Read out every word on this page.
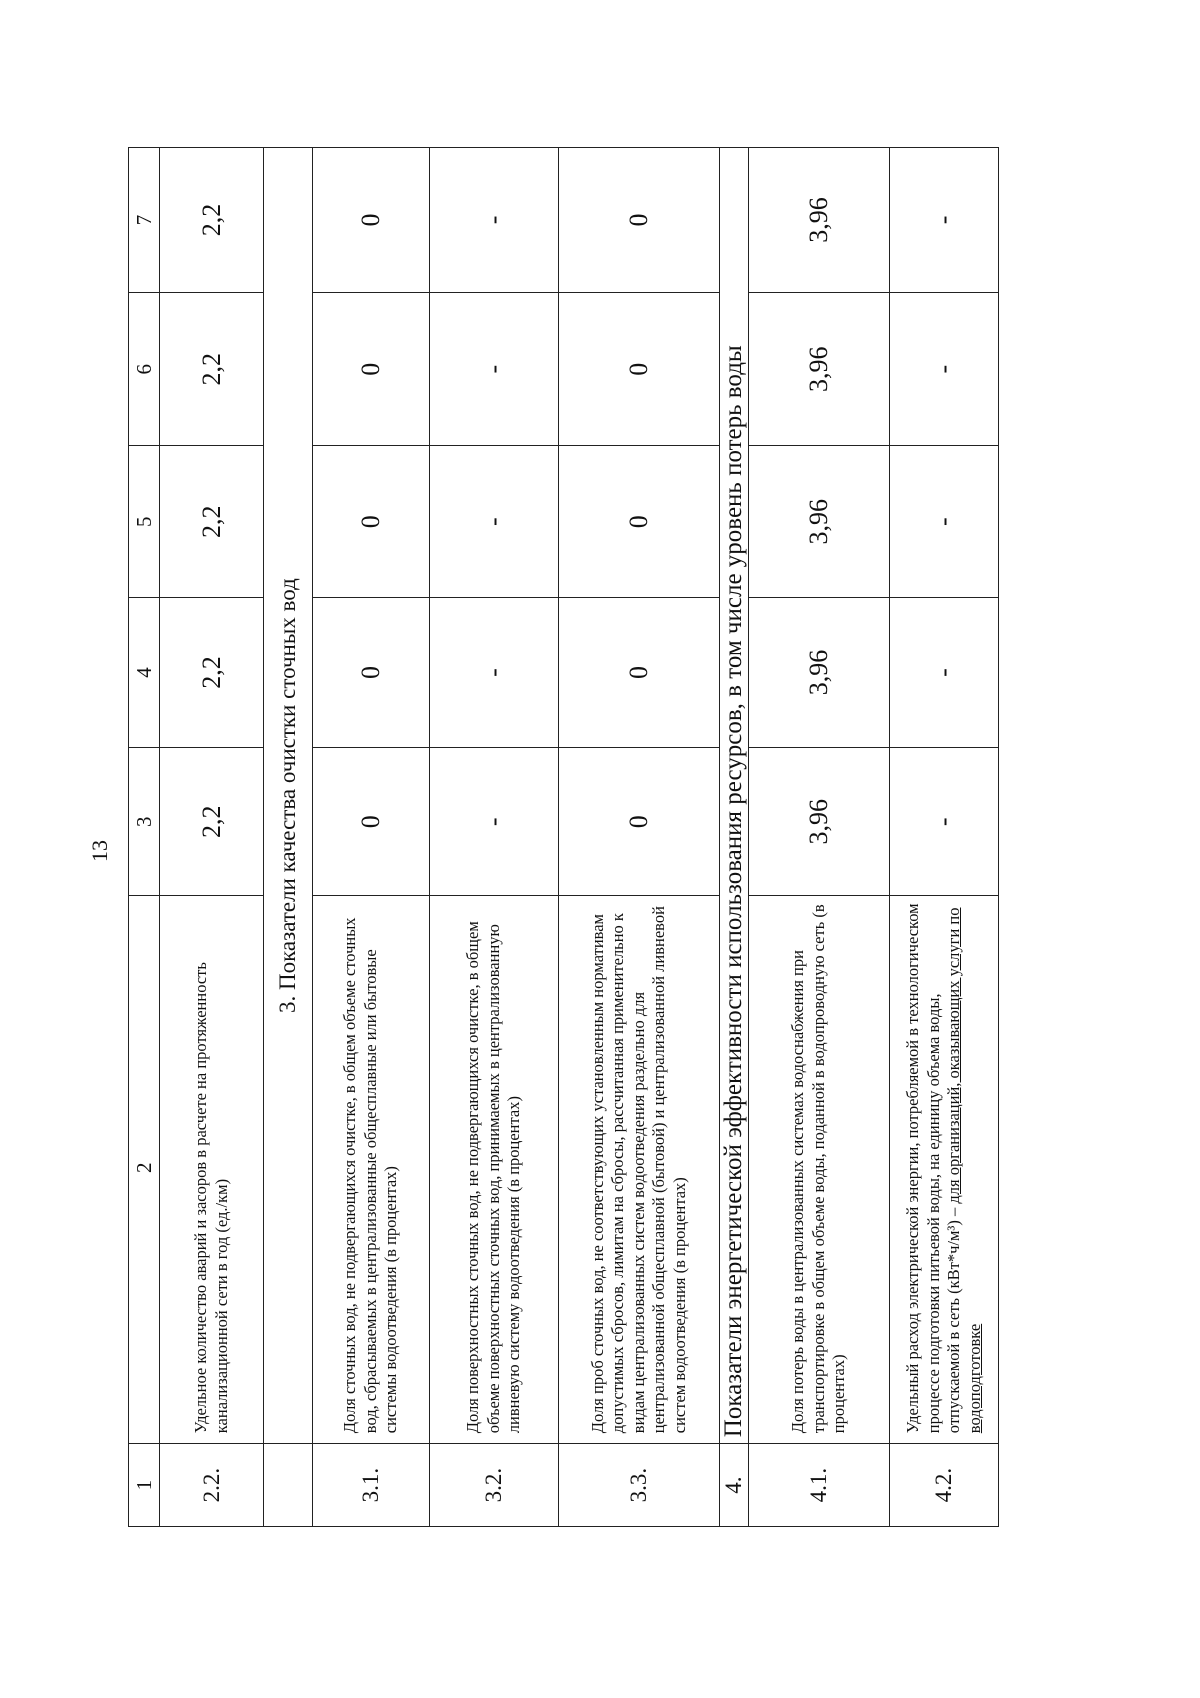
13
1	2	3	4	5	6	7
2.2.	Удельное количество аварий и засоров в расчете на протяженность канализационной сети в год (ед./км)	2,2	2,2	2,2	2,2	2,2
	3. Показатели качества очистки сточных вод					
3.1.	Доля сточных вод, не подвергающихся очистке, в общем объеме сточных вод, сбрасываемых в централизованные общесплавные или бытовые системы водоотведения (в процентах)	0	0	0	0	0
3.2.	Доля поверхностных сточных вод, не подвергающихся очистке, в общем объеме поверхностных сточных вод, принимаемых в централизованную ливневую систему водоотведения (в процентах)	-	-	-	-	-
3.3.	Доля проб сточных вод, не соответствующих установленным нормативам допустимых сбросов, лимитам на сбросы, рассчитанная применительно к видам централизованных систем водоотведения раздельно для централизованной общесплавной (бытовой) и централизованной ливневой систем водоотведения (в процентах)	0	0	0	0	0
4.	Показатели энергетической эффективности использования ресурсов, в том числе уровень потерь воды					
4.1.	Доля потерь воды в централизованных системах водоснабжения при транспортировке в общем объеме воды, поданной в водопроводную сеть (в процентах)	3,96	3,96	3,96	3,96	3,96
4.2.	Удельный расход электрической энергии, потребляемой в технологическом процессе подготовки питьевой воды, на единицу объема воды, отпускаемой в сеть (кВт*ч/м³) – для организаций, оказывающих услуги по водоподготовке	-	-	-	-	-
